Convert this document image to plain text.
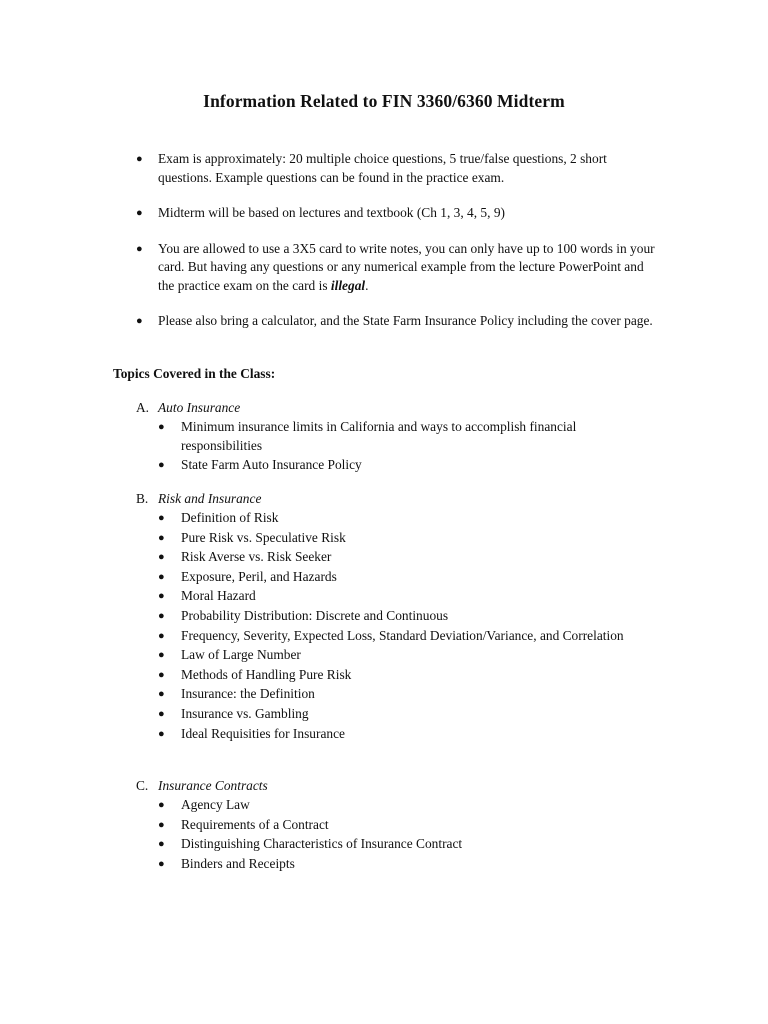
Information Related to FIN 3360/6360 Midterm
● Exam is approximately: 20 multiple choice questions, 5 true/false questions, 2 short questions. Example questions can be found in the practice exam.
● Midterm will be based on lectures and textbook (Ch 1, 3, 4, 5, 9)
● You are allowed to use a 3X5 card to write notes, you can only have up to 100 words in your card. But having any questions or any numerical example from the lecture PowerPoint and the practice exam on the card is illegal.
● Please also bring a calculator, and the State Farm Insurance Policy including the cover page.
Topics Covered in the Class:
A. Auto Insurance
● Minimum insurance limits in California and ways to accomplish financial responsibilities
● State Farm Auto Insurance Policy
B. Risk and Insurance
● Definition of Risk
● Pure Risk vs. Speculative Risk
● Risk Averse vs. Risk Seeker
● Exposure, Peril, and Hazards
● Moral Hazard
● Probability Distribution: Discrete and Continuous
● Frequency, Severity, Expected Loss, Standard Deviation/Variance, and Correlation
● Law of Large Number
● Methods of Handling Pure Risk
● Insurance: the Definition
● Insurance vs. Gambling
● Ideal Requisities for Insurance
C. Insurance Contracts
● Agency Law
● Requirements of a Contract
● Distinguishing Characteristics of Insurance Contract
● Binders and Receipts
